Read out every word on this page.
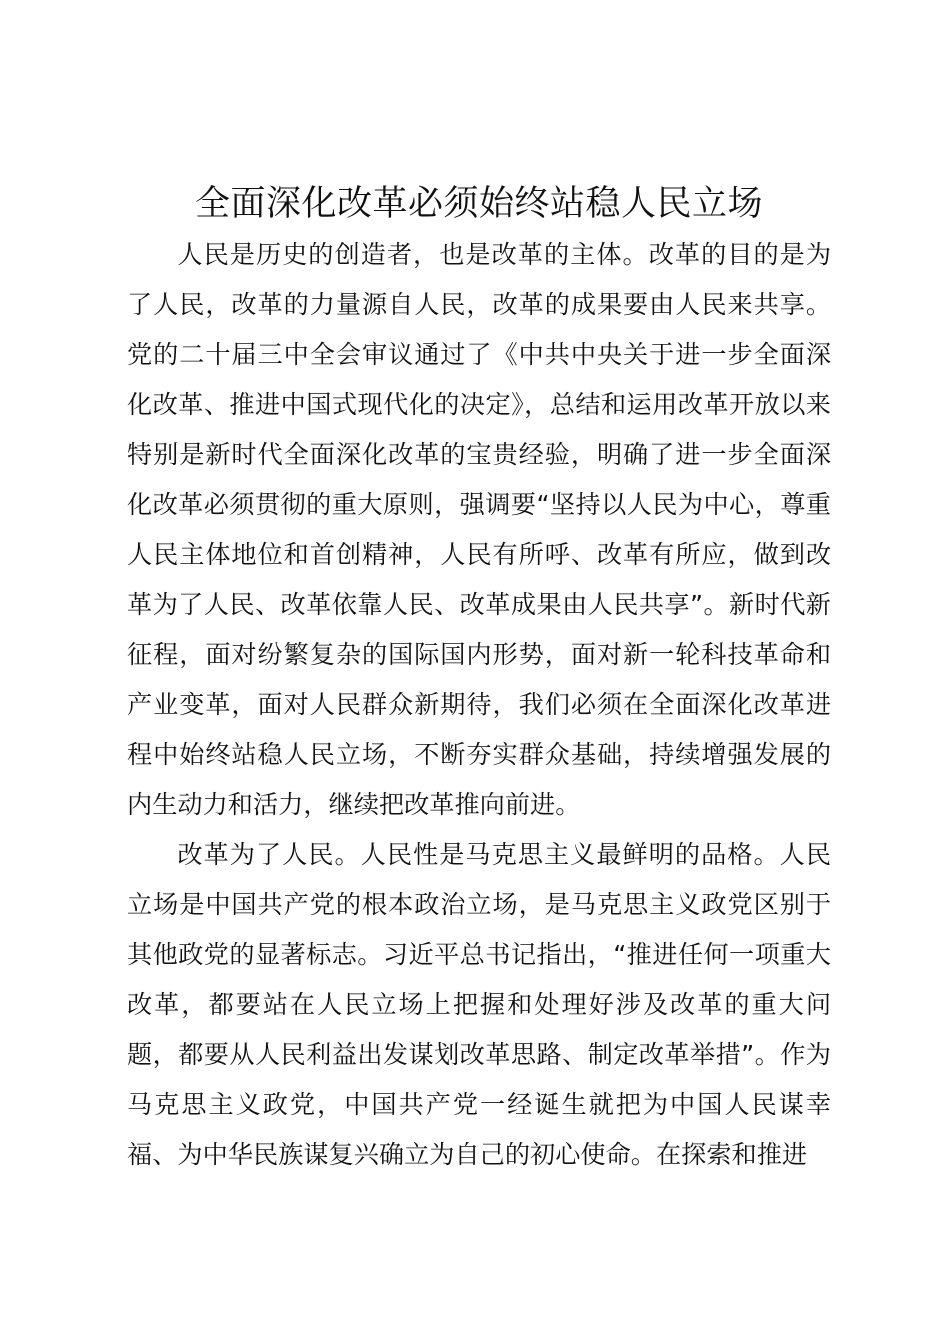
全面深化改革必须始终站稳人民立场

人民是历史的创造者，也是改革的主体。改革的目的是为了人民，改革的力量源自人民，改革的成果要由人民来共享。党的二十届三中全会审议通过了《中共中央关于进一步全面深化改革、推进中国式现代化的决定》，总结和运用改革开放以来特别是新时代全面深化改革的宝贵经验，明确了进一步全面深化改革必须贯彻的重大原则，强调要“坚持以人民为中心，尊重人民主体地位和首创精神，人民有所呼、改革有所应，做到改革为了人民、改革依靠人民、改革成果由人民共享”。新时代新征程，面对纷繁复杂的国际国内形势，面对新一轮科技革命和产业变革，面对人民群众新期待，我们必须在全面深化改革进程中始终站稳人民立场，不断夯实群众基础，持续增强发展的内生动力和活力，继续把改革推向前进。

改革为了人民。人民性是马克思主义最鲜明的品格。人民立场是中国共产党的根本政治立场，是马克思主义政党区别于其他政党的显著标志。习近平总书记指出，“推进任何一项重大改革，都要站在人民立场上把握和处理好涉及改革的重大问题，都要从人民利益出发谋划改革思路、制定改革举措”。作为马克思主义政党，中国共产党一经诞生就把为中国人民谋幸福、为中华民族谋复兴确立为自己的初心使命。在探索和推进
